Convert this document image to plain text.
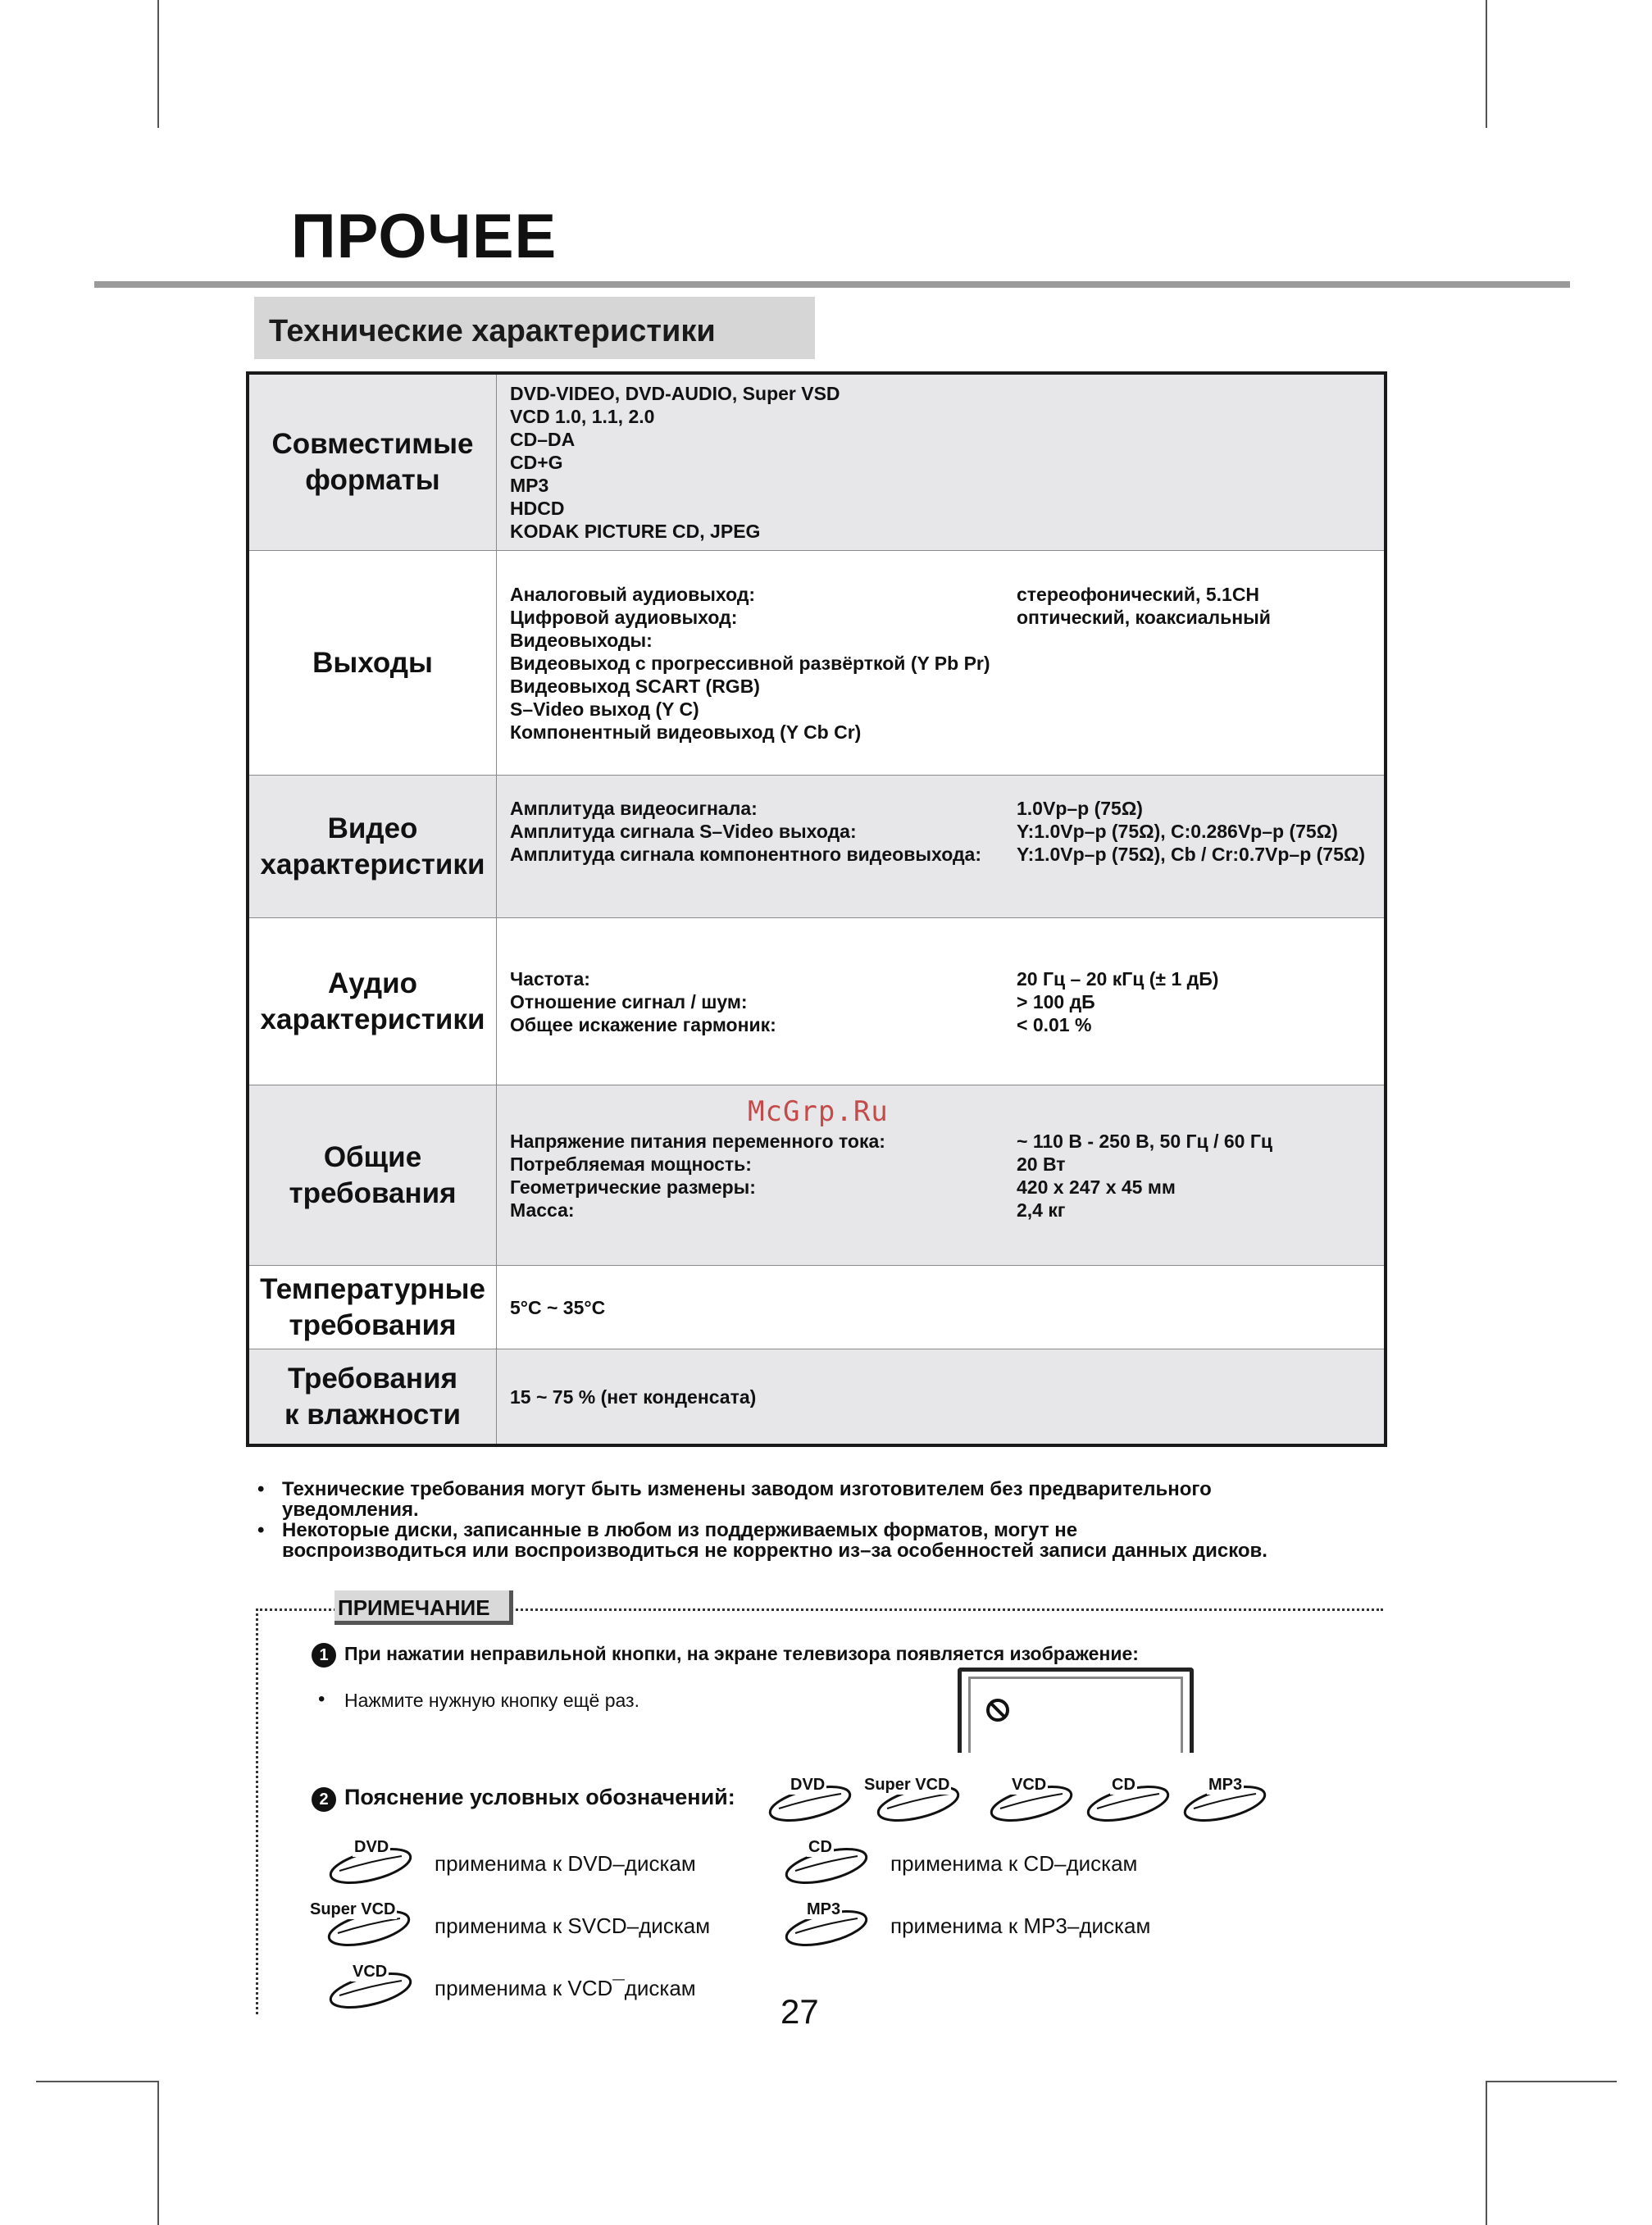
ПРОЧЕЕ
Технические характеристики
Совместимые
форматы
DVD-VIDEO, DVD-AUDIO, Super VSD
VCD 1.0, 1.1, 2.0
CD–DA
CD+G
MP3
HDCD
KODAK PICTURE CD, JPEG
Выходы
Аналоговый аудиовыход:	стереофонический, 5.1CH
Цифровой аудиовыход:	оптический, коаксиальный
Видеовыходы:
Видеовыход с прогрессивной развёрткой (Y Pb Pr)
Видеовыход SCART (RGB)
S–Video выход (Y C)
Компонентный видеовыход (Y Cb Cr)
Видео
характеристики
Амплитуда видеосигнала:	1.0Vp–p (75Ω)
Амплитуда сигнала S–Video выхода:	Y:1.0Vp–p (75Ω), C:0.286Vp–p (75Ω)
Амплитуда сигнала компонентного видеовыхода:	Y:1.0Vp–p (75Ω), Cb / Cr:0.7Vp–p (75Ω)
Аудио
характеристики
Частота:	20 Гц – 20 кГц (± 1 дБ)
Отношение сигнал / шум:	> 100 дБ
Общее искажение гармоник:	< 0.01 %
Общие
требования
Напряжение питания переменного тока:	~ 110 В - 250 В, 50 Гц / 60 Гц
Потребляемая мощность:	20 Вт
Геометрические размеры:	420 x 247 x 45 мм
Масса:	2,4 кг
Температурные
требования
5°С ~ 35°С
Требования
к влажности
15 ~ 75 % (нет конденсата)
McGrp.Ru
• Технические требования могут быть изменены заводом изготовителем без предварительного
уведомления.
• Некоторые диски, записанные в любом из поддерживаемых форматов, могут не
воспроизводиться или воспроизводиться не корректно из–за особенностей записи данных дисков.
ПРИМЕЧАНИЕ
1 При нажатии неправильной кнопки, на экране телевизора появляется изображение:
• Нажмите нужную кнопку ещё раз.
2 Пояснение условных обозначений:	DVD Super VCD	VCD	CD	MP3
DVD
применима к DVD–дискам
Super VCD
применима к SVCD–дискам
VCD
применима к VCD¯дискам
CD
применима к CD–дискам
MP3
применима к MP3–дискам
27
